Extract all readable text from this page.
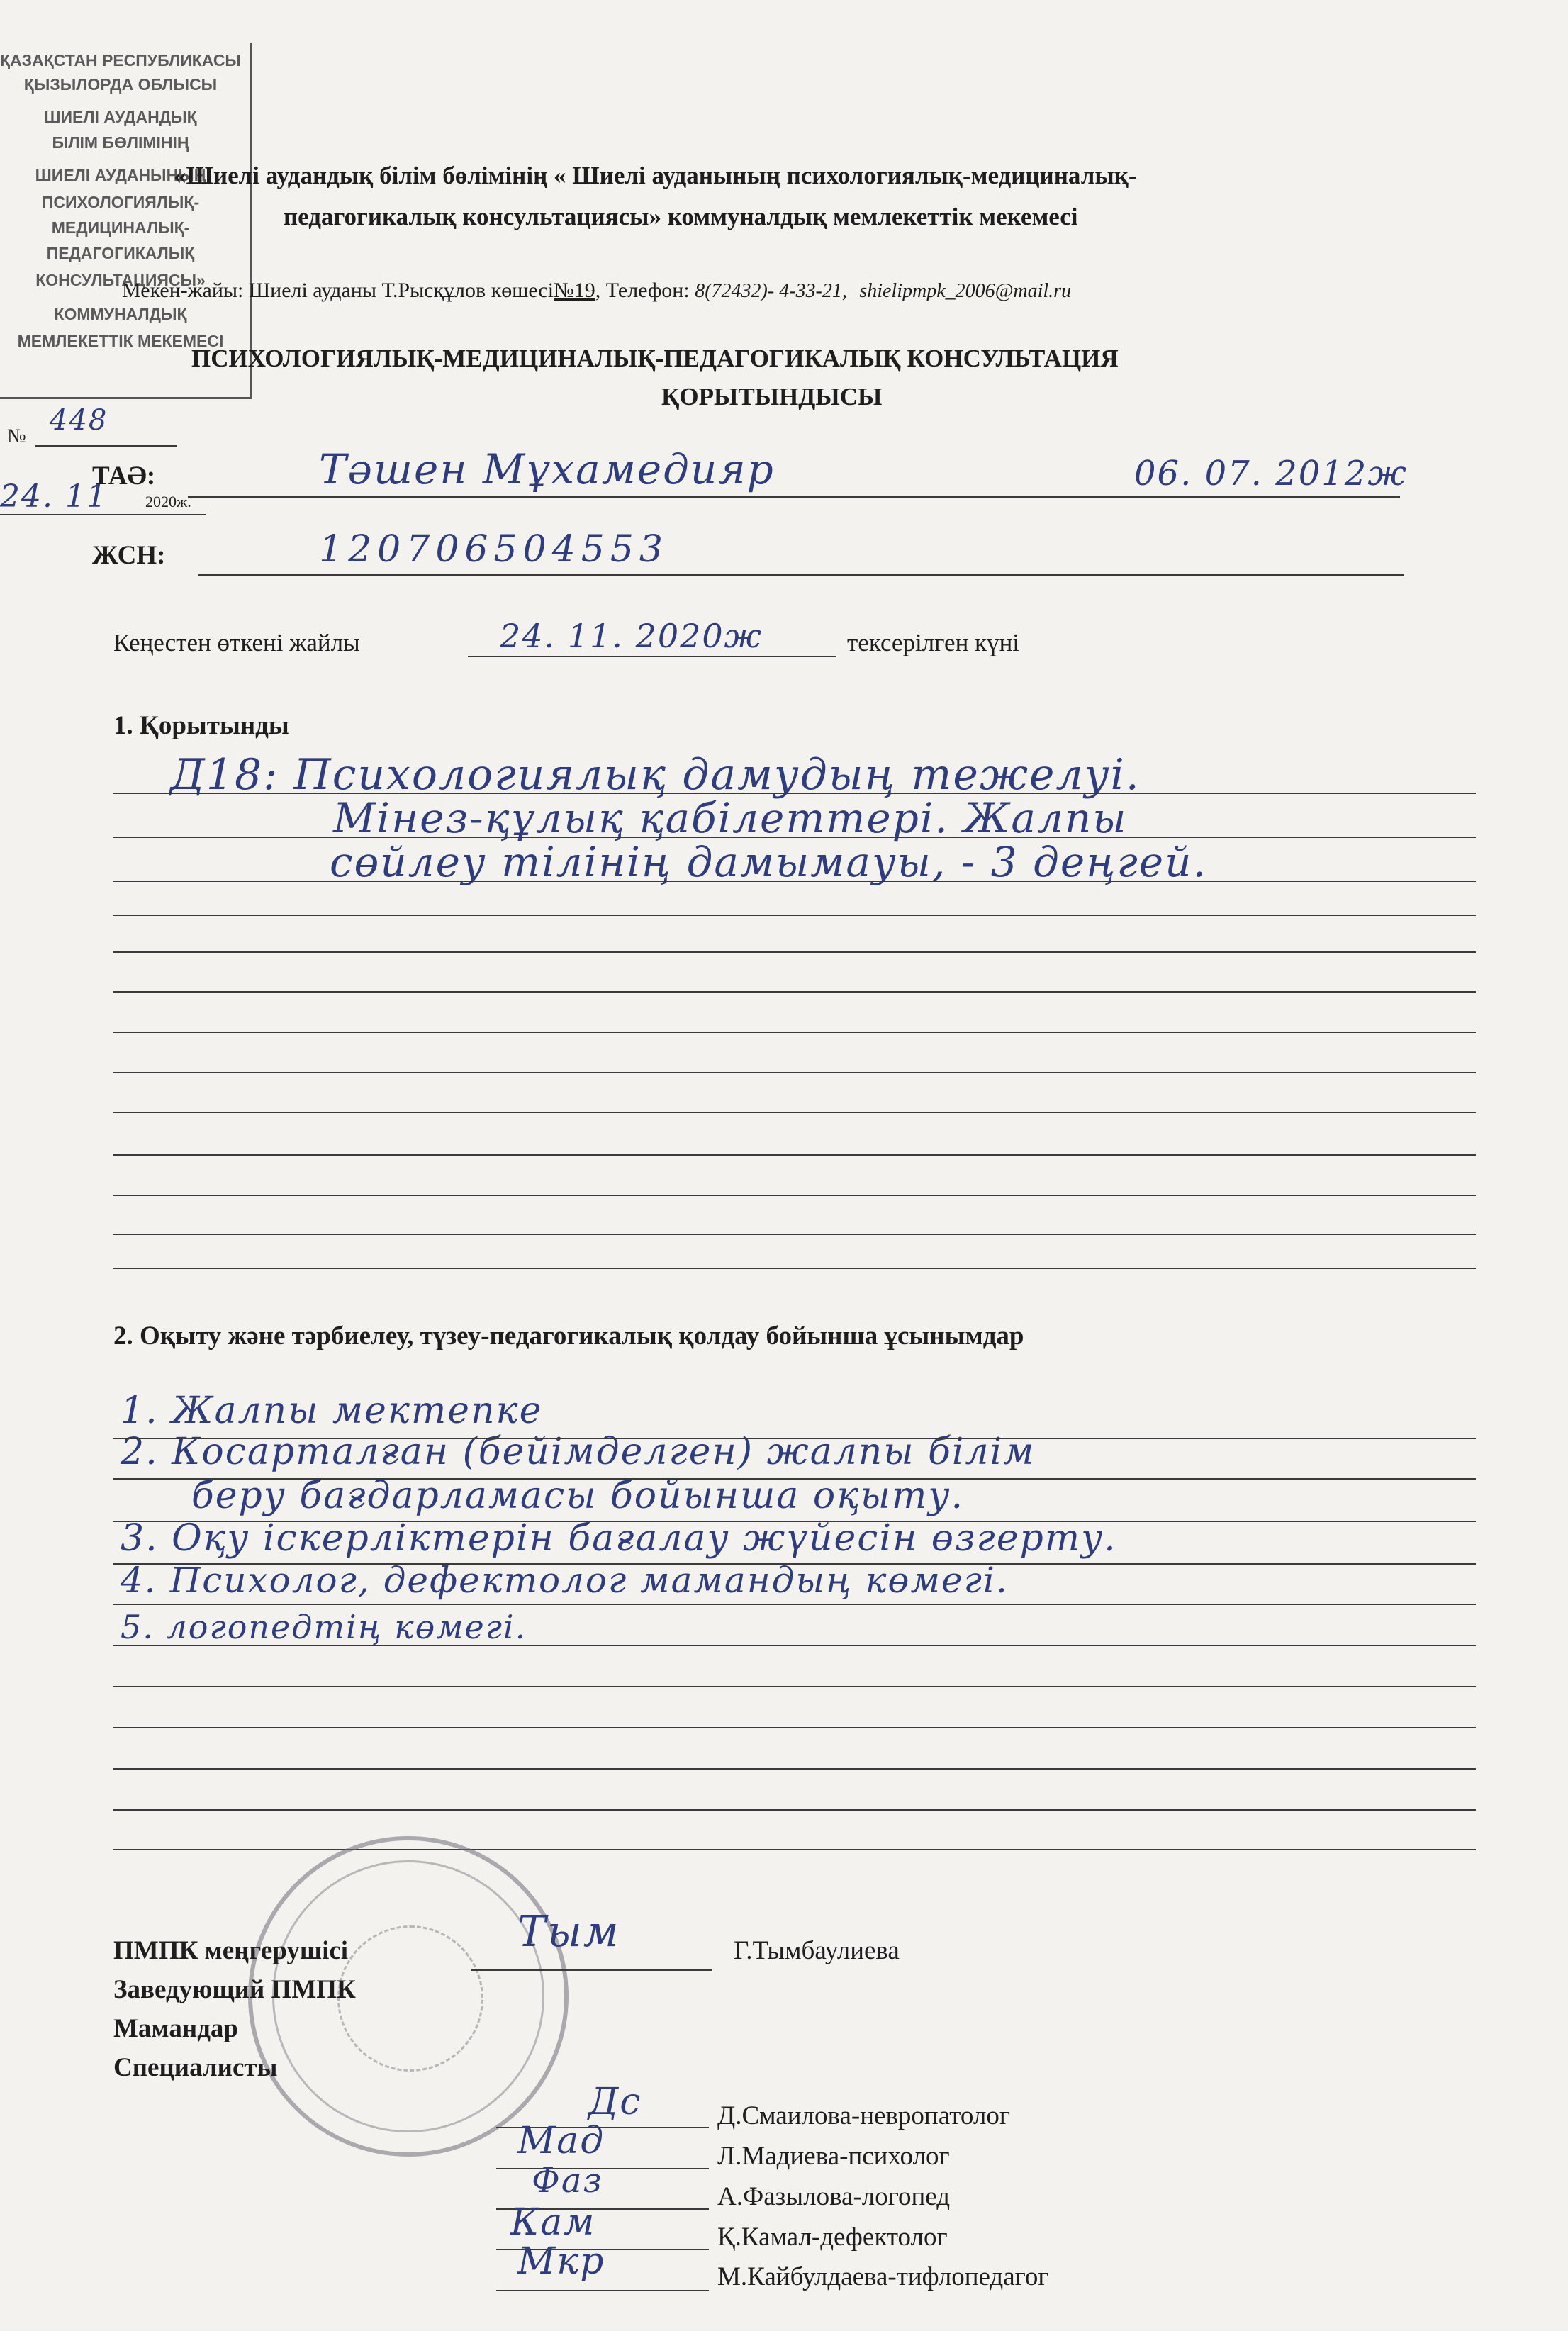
ҚАЗАҚСТАН РЕСПУБЛИКАСЫ
ҚЫЗЫЛОРДА ОБЛЫСЫ
ШИЕЛІ АУДАНДЫҚ
БІЛІМ БӨЛІМІНІҢ
ШИЕЛІ АУДАНЫНЫҢ
ПСИХОЛОГИЯЛЫҚ-
МЕДИЦИНАЛЫҚ-
ПЕДАГОГИКАЛЫҚ
КОНСУЛЬТАЦИЯСЫ»
КОММУНАЛДЫҚ
МЕМЛЕКЕТТІК МЕКЕМЕСІ
№ 448
24. 11 2020ж.
«Шиелі аудандық білім бөлімінің « Шиелі ауданының психологиялық-медициналық-
педагогикалық консультациясы» коммуналдық мемлекеттік мекемесі
Мекен-жайы: Шиелі ауданы Т.Рысқұлов көшесі№19, Телефон: 8(72432)- 4-33-21, shielipmpk_2006@mail.ru
ПСИХОЛОГИЯЛЫҚ-МЕДИЦИНАЛЫҚ-ПЕДАГОГИКАЛЫҚ КОНСУЛЬТАЦИЯ
ҚОРЫТЫНДЫСЫ
ТАӘ:	Тәшен Мұхамедияр	06. 07. 2012ж
ЖСН:	120706504553
Кеңестен өткені жайлы	24. 11. 2020ж	тексерілген күні
1. Қорытынды
Д18: Психологиялық дамудың тежелуі.
Мінез-құлық қабілеттері. Жалпы
сөйлеу тілінің дамымауы, - 3 деңгей.
2. Оқыту және тәрбиелеу, түзеу-педагогикалық қолдау бойынша ұсынымдар
1. Жалпы мектепке
2. Косарталған (бейімделген) жалпы білім
беру бағдарламасы бойынша оқыту.
3. Оқу іскерліктерін бағалау жүйесін өзгерту.
4. Психолог, дефектолог мамандың көмегі.
5. логопедтің көмегі.
ПМПК меңгерушісі
Заведующий ПМПК
Мамандар
Специалисты
Тым	Г.Тымбаулиева
Дс	Д.Смаилова-невропатолог
Мад	Л.Мадиева-психолог
Фаз	А.Фазылова-логопед
Кам	Қ.Камал-дефектолог
Мкр	М.Кайбулдаева-тифлопедагог
